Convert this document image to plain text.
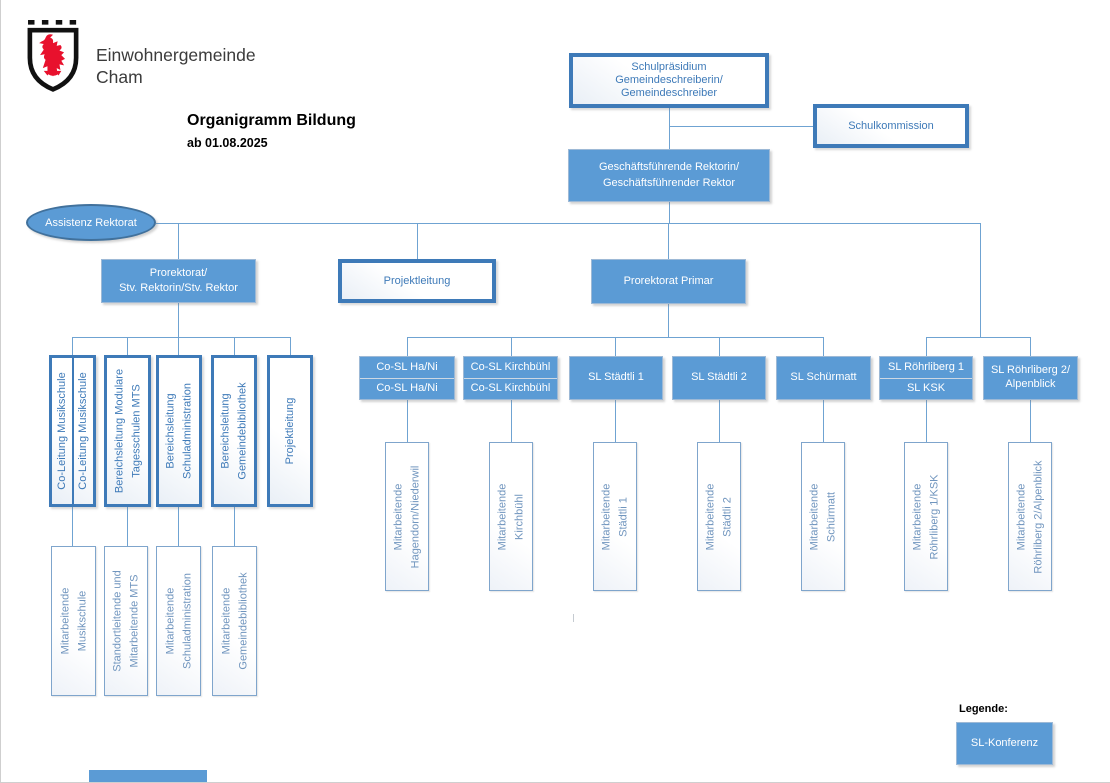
Einwohnergemeinde
Cham
Organigramm Bildung
ab 01.08.2025
Schulpräsidium
Gemeindeschreiberin/
Gemeindeschreiber
Schulkommission
Geschäftsführende Rektorin/
Geschäftsführender Rektor
Assistenz Rektorat
Prorektorat/
Stv. Rektorin/Stv. Rektor
Projektleitung	Prorektorat Primar
Co-Leitung Musikschule Co-Leitung Musikschule Bereichsleitung Modulare Tagesschulen MTS Bereichsleitung Schuladministration Bereichsleitung Gemeindebibliothek	Projektleitung
Mitarbeitende Musikschule Standortleitende und Mitarbeitende MTS Mitarbeitende Schuladministration	Mitarbeitende Gemeindebibliothek
Co-SL Ha/Ni
Co-SL Ha/Ni
Co-SL Kirchbühl
Co-SL Kirchbühl
SL Städtli 1	SL Städtli 2	SL Schürmatt
SL Röhrliberg 1
SL KSK
SL Röhrliberg 2/
Alpenblick
Mitarbeitende Hagendorn/Niederwil	Mitarbeitende Kirchbühl	Mitarbeitende Städtli 1	Mitarbeitende Städtli 2	Mitarbeitende Schürmatt	Mitarbeitende Röhrliberg 1/KSK	Mitarbeitende Röhrliberg 2/Alpenblick
Legende:
SL-Konferenz
